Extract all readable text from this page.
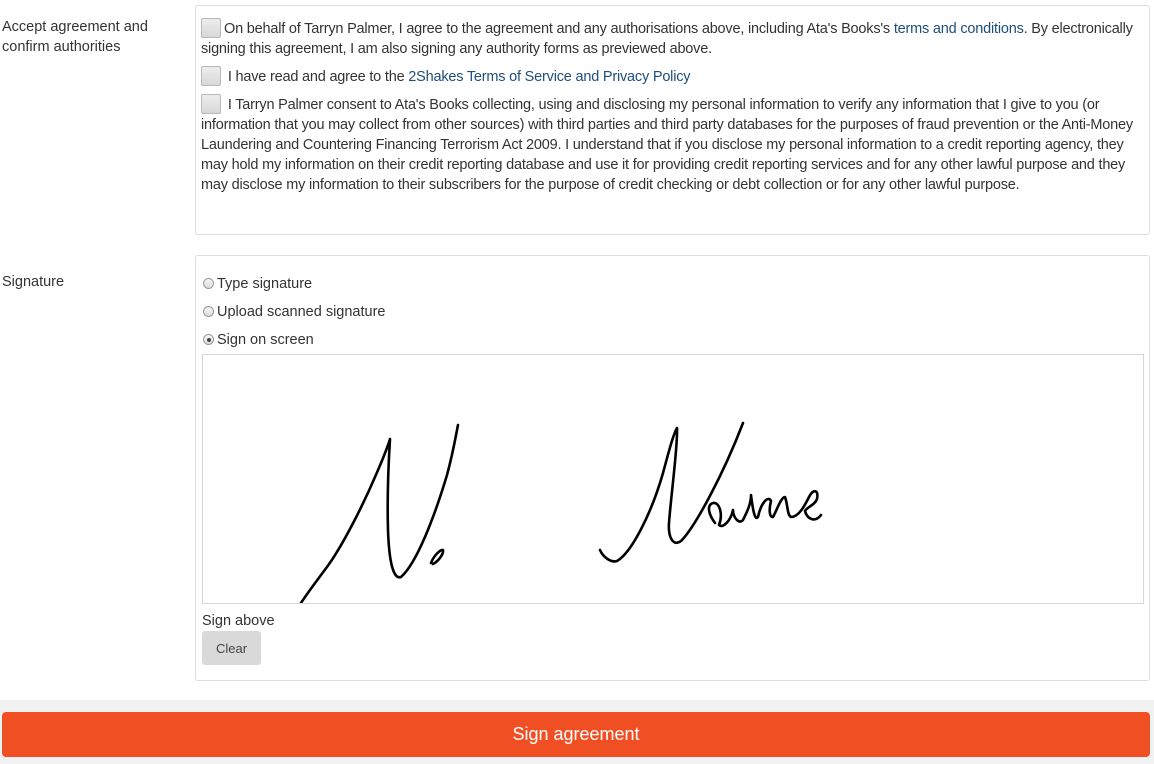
Accept agreement and confirm authorities

On behalf of Tarryn Palmer, I agree to the agreement and any authorisations above, including Ata's Books's terms and conditions. By electronically signing this agreement, I am also signing any authority forms as previewed above.

I have read and agree to the 2Shakes Terms of Service and Privacy Policy

I Tarryn Palmer consent to Ata's Books collecting, using and disclosing my personal information to verify any information that I give to you (or information that you may collect from other sources) with third parties and third party databases for the purposes of fraud prevention or the Anti-Money Laundering and Countering Financing Terrorism Act 2009. I understand that if you disclose my personal information to a credit reporting agency, they may hold my information on their credit reporting database and use it for providing credit reporting services and for any other lawful purpose and they may disclose my information to their subscribers for the purpose of credit checking or debt collection or for any other lawful purpose.

Signature	Type signature
Upload scanned signature
Sign on screen
Sign above
Clear
Sign agreement
